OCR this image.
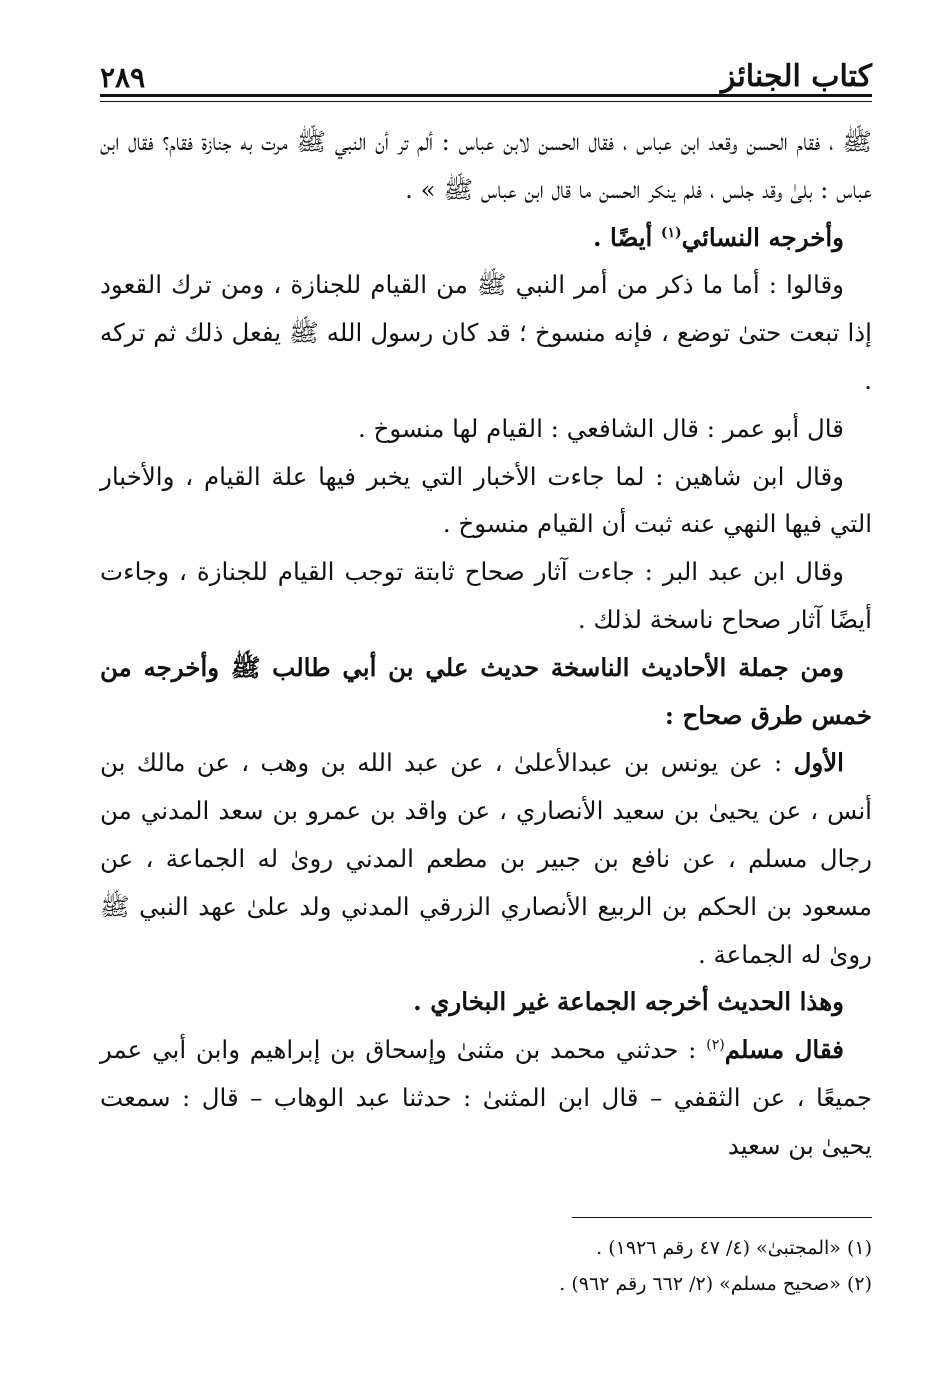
كتاب الجنائز
٢٨٩

ﷺ ، فقام الحسن وقعد ابن عباس ، فقال الحسن لابن عباس : ألم تر أن النبي ﷺ مرت به جنازة فقام؟ فقال ابن عباس : بلىٰ وقد جلس ، فلم ينكر الحسن ما قال ابن عباس ﷺ » .

وأخرجه النسائي$^{(١)}$ أيضًا .

وقالوا : أما ما ذكر من أمر النبي ﷺ من القيام للجنازة ، ومن ترك القعود إذا تبعت حتىٰ توضع ، فإنه منسوخ ؛ قد كان رسول الله ﷺ يفعل ذلك ثم تركه .

قال أبو عمر : قال الشافعي : القيام لها منسوخ .

وقال ابن شاهين : لما جاءت الأخبار التي يخبر فيها علة القيام ، والأخبار التي فيها النهي عنه ثبت أن القيام منسوخ .

وقال ابن عبد البر : جاءت آثار صحاح ثابتة توجب القيام للجنازة ، وجاءت أيضًا آثار صحاح ناسخة لذلك .

ومن جملة الأحاديث الناسخة حديث علي بن أبي طالب ﷺ وأخرجه من خمس طرق صحاح :

الأول : عن يونس بن عبدالأعلىٰ ، عن عبد الله بن وهب ، عن مالك بن أنس ، عن يحيىٰ بن سعيد الأنصاري ، عن واقد بن عمرو بن سعد المدني من رجال مسلم ، عن نافع بن جبير بن مطعم المدني روىٰ له الجماعة ، عن مسعود بن الحكم بن الربيع الأنصاري الزرقي المدني ولد علىٰ عهد النبي ﷺ روىٰ له الجماعة .

وهذا الحديث أخرجه الجماعة غير البخاري .

فقال مسلم$^{(٢)}$ : حدثني محمد بن مثنىٰ وإسحاق بن إبراهيم وابن أبي عمر جميعًا ، عن الثقفي – قال ابن المثنىٰ : حدثنا عبد الوهاب – قال : سمعت يحيىٰ بن سعيد

(١) «المجتبىٰ» (٤/ ٤٧ رقم ١٩٢٦) .

(٢) «صحيح مسلم» (٢/ ٦٦٢ رقم ٩٦٢) .
